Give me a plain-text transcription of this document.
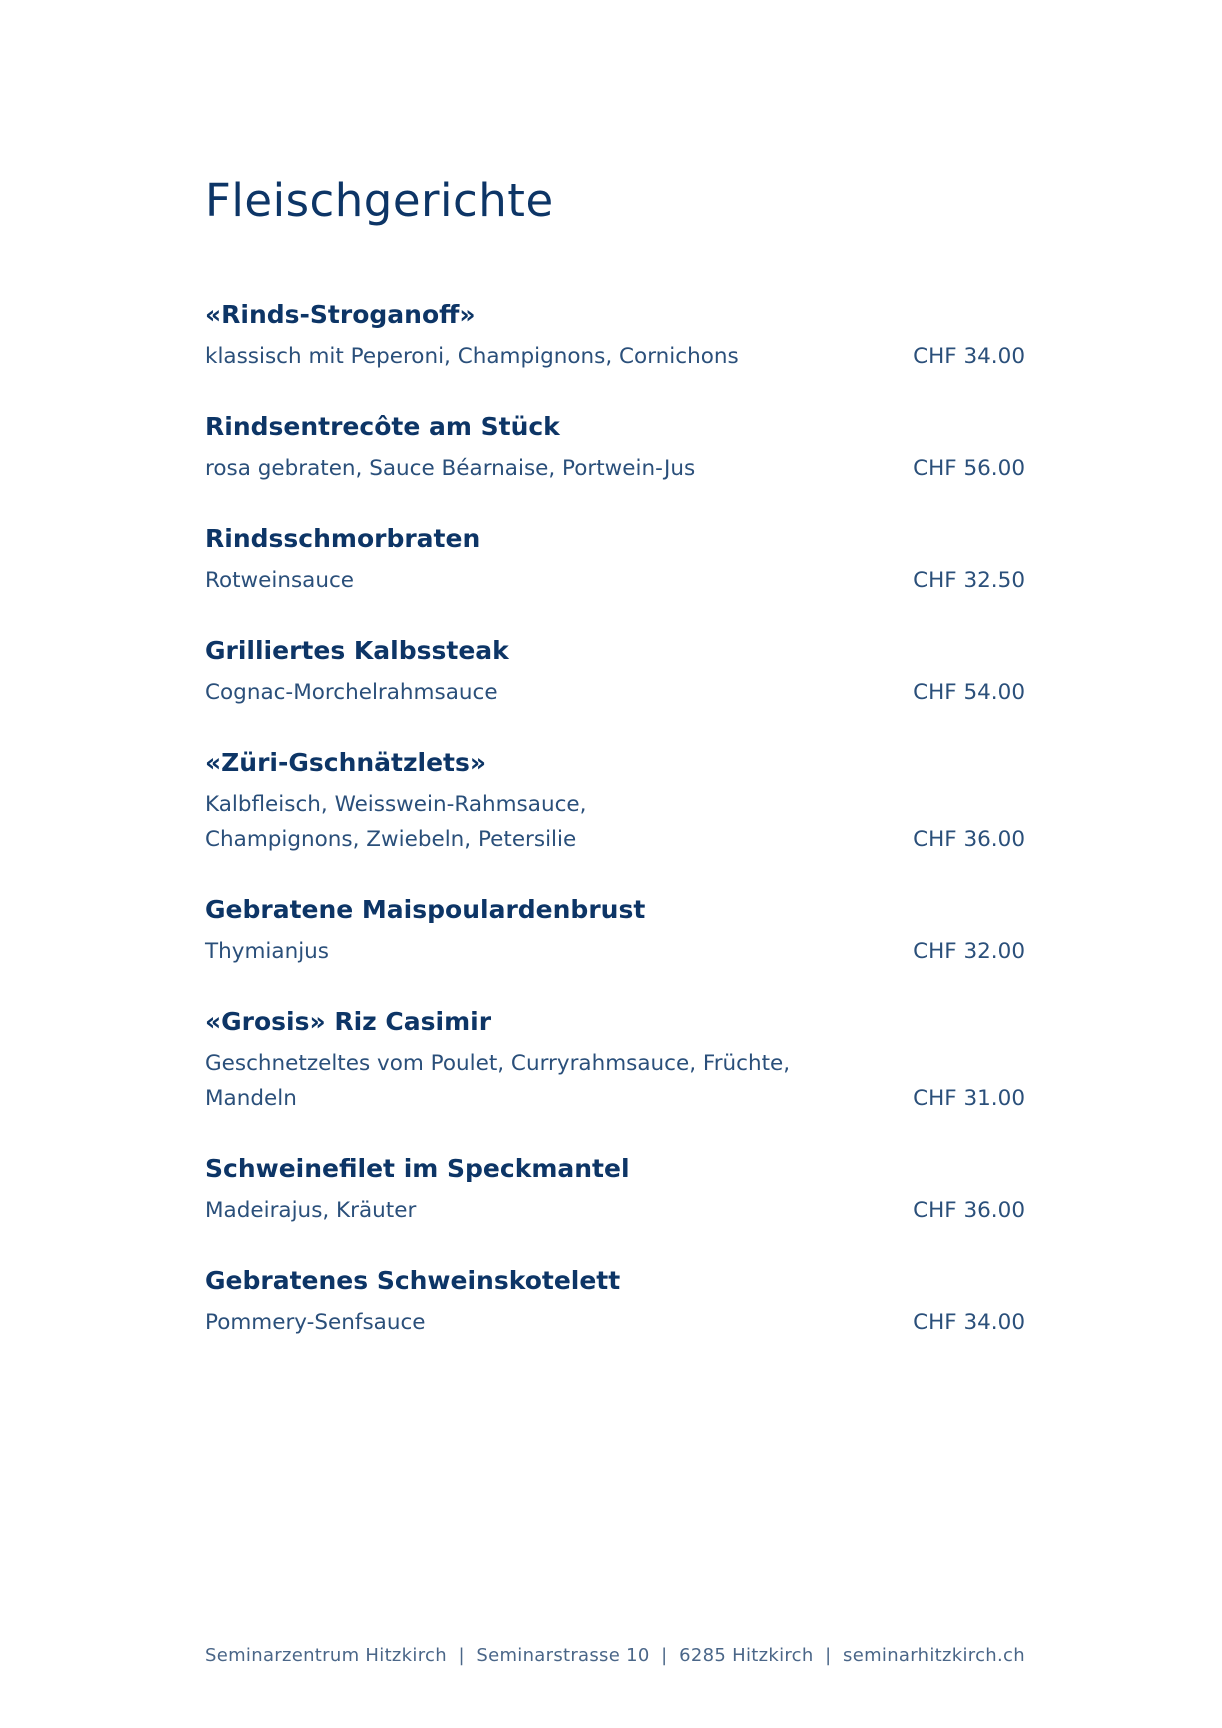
Fleischgerichte
«Rinds-Stroganoff»
klassisch mit Peperoni, Champignons, Cornichons	CHF 34.00
Rindsentrecôte am Stück
rosa gebraten, Sauce Béarnaise, Portwein-Jus	CHF 56.00
Rindsschmorbraten
Rotweinsauce	CHF 32.50
Grilliertes Kalbssteak
Cognac-Morchelrahmsauce	CHF 54.00
«Züri-Gschnätzlets»
Kalbfleisch, Weisswein-Rahmsauce,
Champignons, Zwiebeln, Petersilie	CHF 36.00
Gebratene Maispoulardenbrust
Thymianjus	CHF 32.00
«Grosis» Riz Casimir
Geschnetzeltes vom Poulet, Curryrahmsauce, Früchte, Mandeln	CHF 31.00
Schweinefilet im Speckmantel
Madeirajus, Kräuter	CHF 36.00
Gebratenes Schweinskotelett
Pommery-Senfsauce	CHF 34.00
Seminarzentrum Hitzkirch | Seminarstrasse 10 | 6285 Hitzkirch | seminarhitzkirch.ch
